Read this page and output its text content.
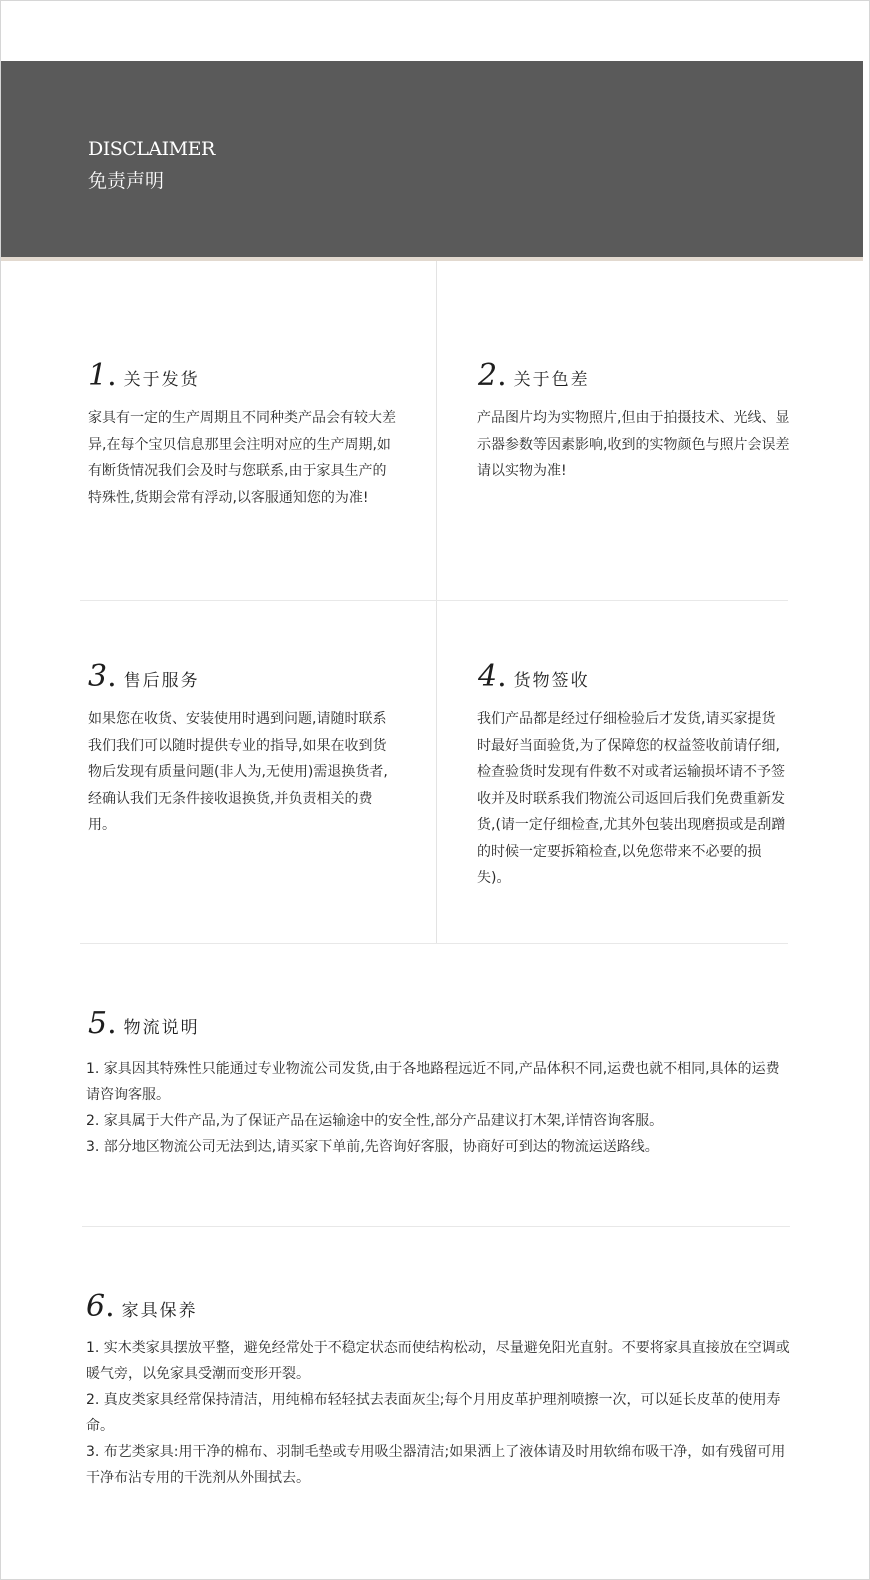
DISCLAIMER
免责声明
1 . 关于发货

家具有一定的生产周期且不同种类产品会有较大差异,在每个宝贝信息那里会注明对应的生产周期,如有断货情况我们会及时与您联系,由于家具生产的特殊性,货期会常有浮动,以客服通知您的为准!

2 . 关于色差

产品图片均为实物照片,但由于拍摄技术、光线、显示器参数等因素影响,收到的实物颜色与照片会误差请以实物为准!

3 . 售后服务

如果您在收货、安装使用时遇到问题,请随时联系我们我们可以随时提供专业的指导,如果在收到货物后发现有质量问题(非人为,无使用)需退换货者,经确认我们无条件接收退换货,并负责相关的费用。

4 . 货物签收

我们产品都是经过仔细检验后才发货,请买家提货时最好当面验货,为了保障您的权益签收前请仔细,检查验货时发现有件数不对或者运输损坏请不予签收并及时联系我们物流公司返回后我们免费重新发货,(请一定仔细检查,尤其外包装出现磨损或是刮蹭的时候一定要拆箱检查,以免您带来不必要的损失)。

5 . 物流说明
1. 家具因其特殊性只能通过专业物流公司发货,由于各地路程远近不同,产品体积不同,运费也就不相同,具体的运费请咨询客服。
2. 家具属于大件产品,为了保证产品在运输途中的安全性,部分产品建议打木架,详情咨询客服。
3. 部分地区物流公司无法到达,请买家下单前,先咨询好客服，协商好可到达的物流运送路线。
6 . 家具保养
1. 实木类家具摆放平整，避免经常处于不稳定状态而使结构松动，尽量避免阳光直射。不要将家具直接放在空调或暖气旁，以免家具受潮而变形开裂。
2. 真皮类家具经常保持清洁，用纯棉布轻轻拭去表面灰尘;每个月用皮革护理剂喷擦一次，可以延长皮革的使用寿命。
3. 布艺类家具:用干净的棉布、羽制毛垫或专用吸尘器清洁;如果洒上了液体请及时用软绵布吸干净，如有残留可用干净布沾专用的干洗剂从外围拭去。
